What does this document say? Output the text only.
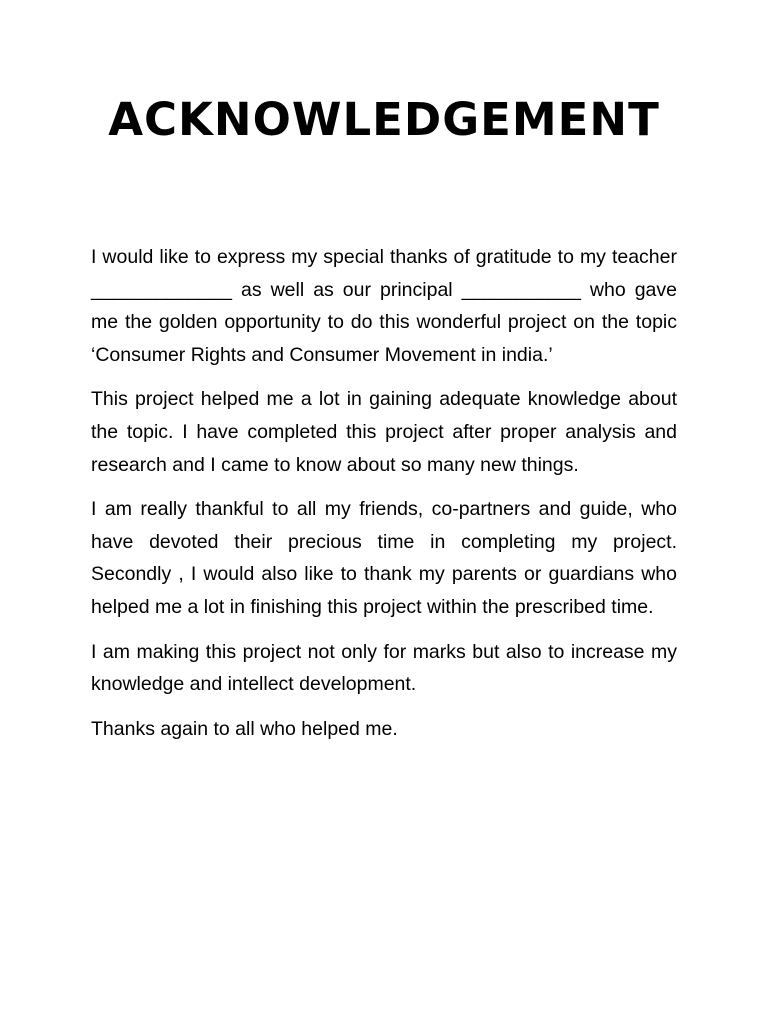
ACKNOWLEDGEMENT

I would like to express my special thanks of gratitude to my teacher _____________ as well as our principal ___________ who gave me the golden opportunity to do this wonderful project on the topic ‘Consumer Rights and Consumer Movement in india.’

This project helped me a lot in gaining adequate knowledge about the topic. I have completed this project after proper analysis and research and I came to know about so many new things.

I am really thankful to all my friends, co-partners and guide, who have devoted their precious time in completing my project. Secondly , I would also like to thank my parents or guardians who helped me a lot in finishing this project within the prescribed time.

I am making this project not only for marks but also to increase my knowledge and intellect development.

Thanks again to all who helped me.
